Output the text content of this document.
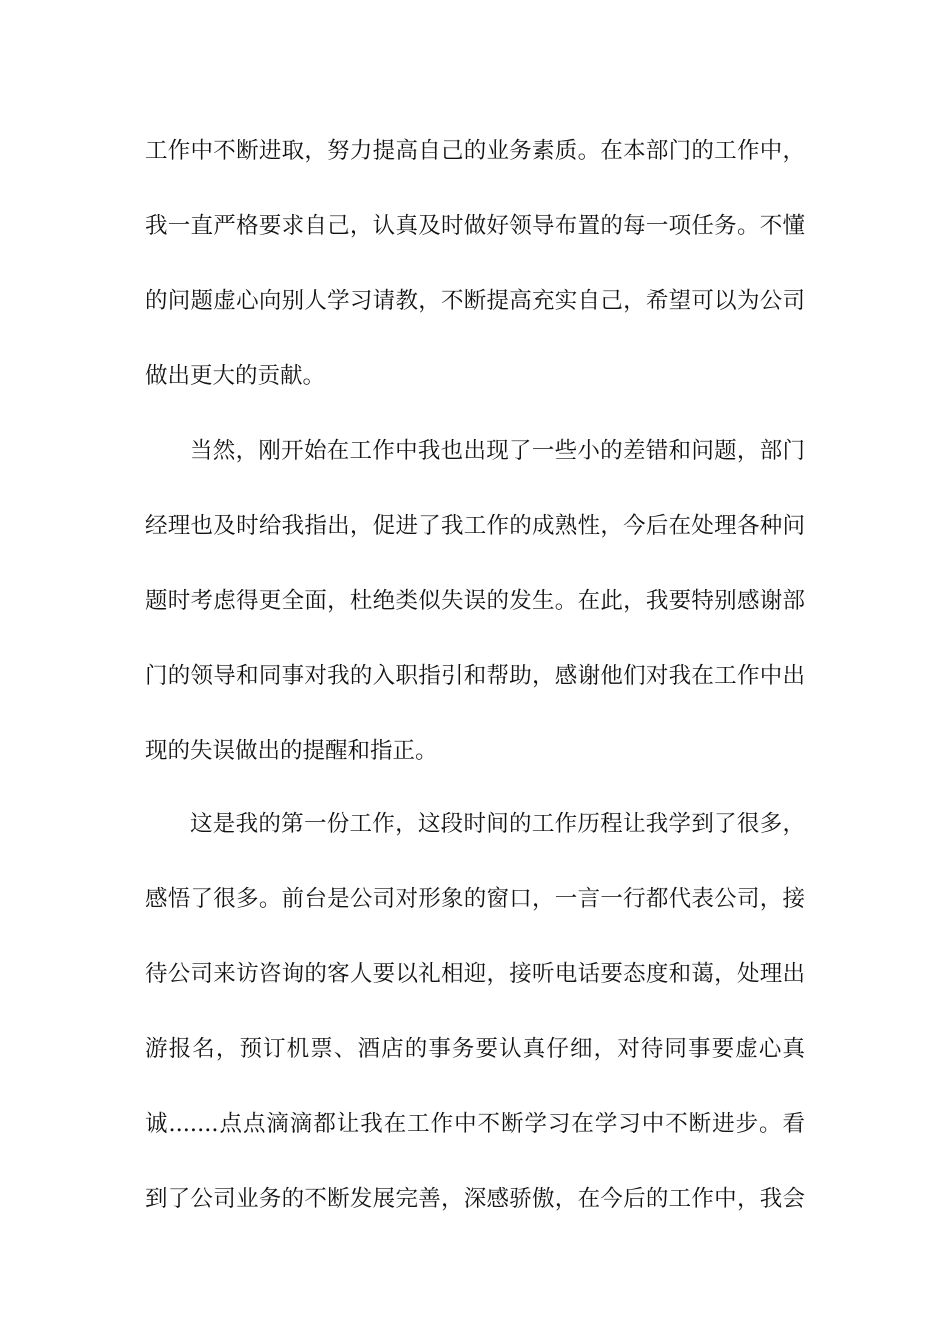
工作中不断进取，努力提高自己的业务素质。在本部门的工作中，
我一直严格要求自己，认真及时做好领导布置的每一项任务。不懂
的问题虚心向别人学习请教，不断提高充实自己，希望可以为公司
做出更大的贡献。
当然，刚开始在工作中我也出现了一些小的差错和问题，部门
经理也及时给我指出，促进了我工作的成熟性，今后在处理各种问
题时考虑得更全面，杜绝类似失误的发生。在此，我要特别感谢部
门的领导和同事对我的入职指引和帮助，感谢他们对我在工作中出
现的失误做出的提醒和指正。
这是我的第一份工作，这段时间的工作历程让我学到了很多，
感悟了很多。前台是公司对形象的窗口，一言一行都代表公司，接
待公司来访咨询的客人要以礼相迎，接听电话要态度和蔼，处理出
游报名，预订机票、酒店的事务要认真仔细，对待同事要虚心真
诚.......点点滴滴都让我在工作中不断学习在学习中不断进步。看
到了公司业务的不断发展完善，深感骄傲，在今后的工作中，我会
